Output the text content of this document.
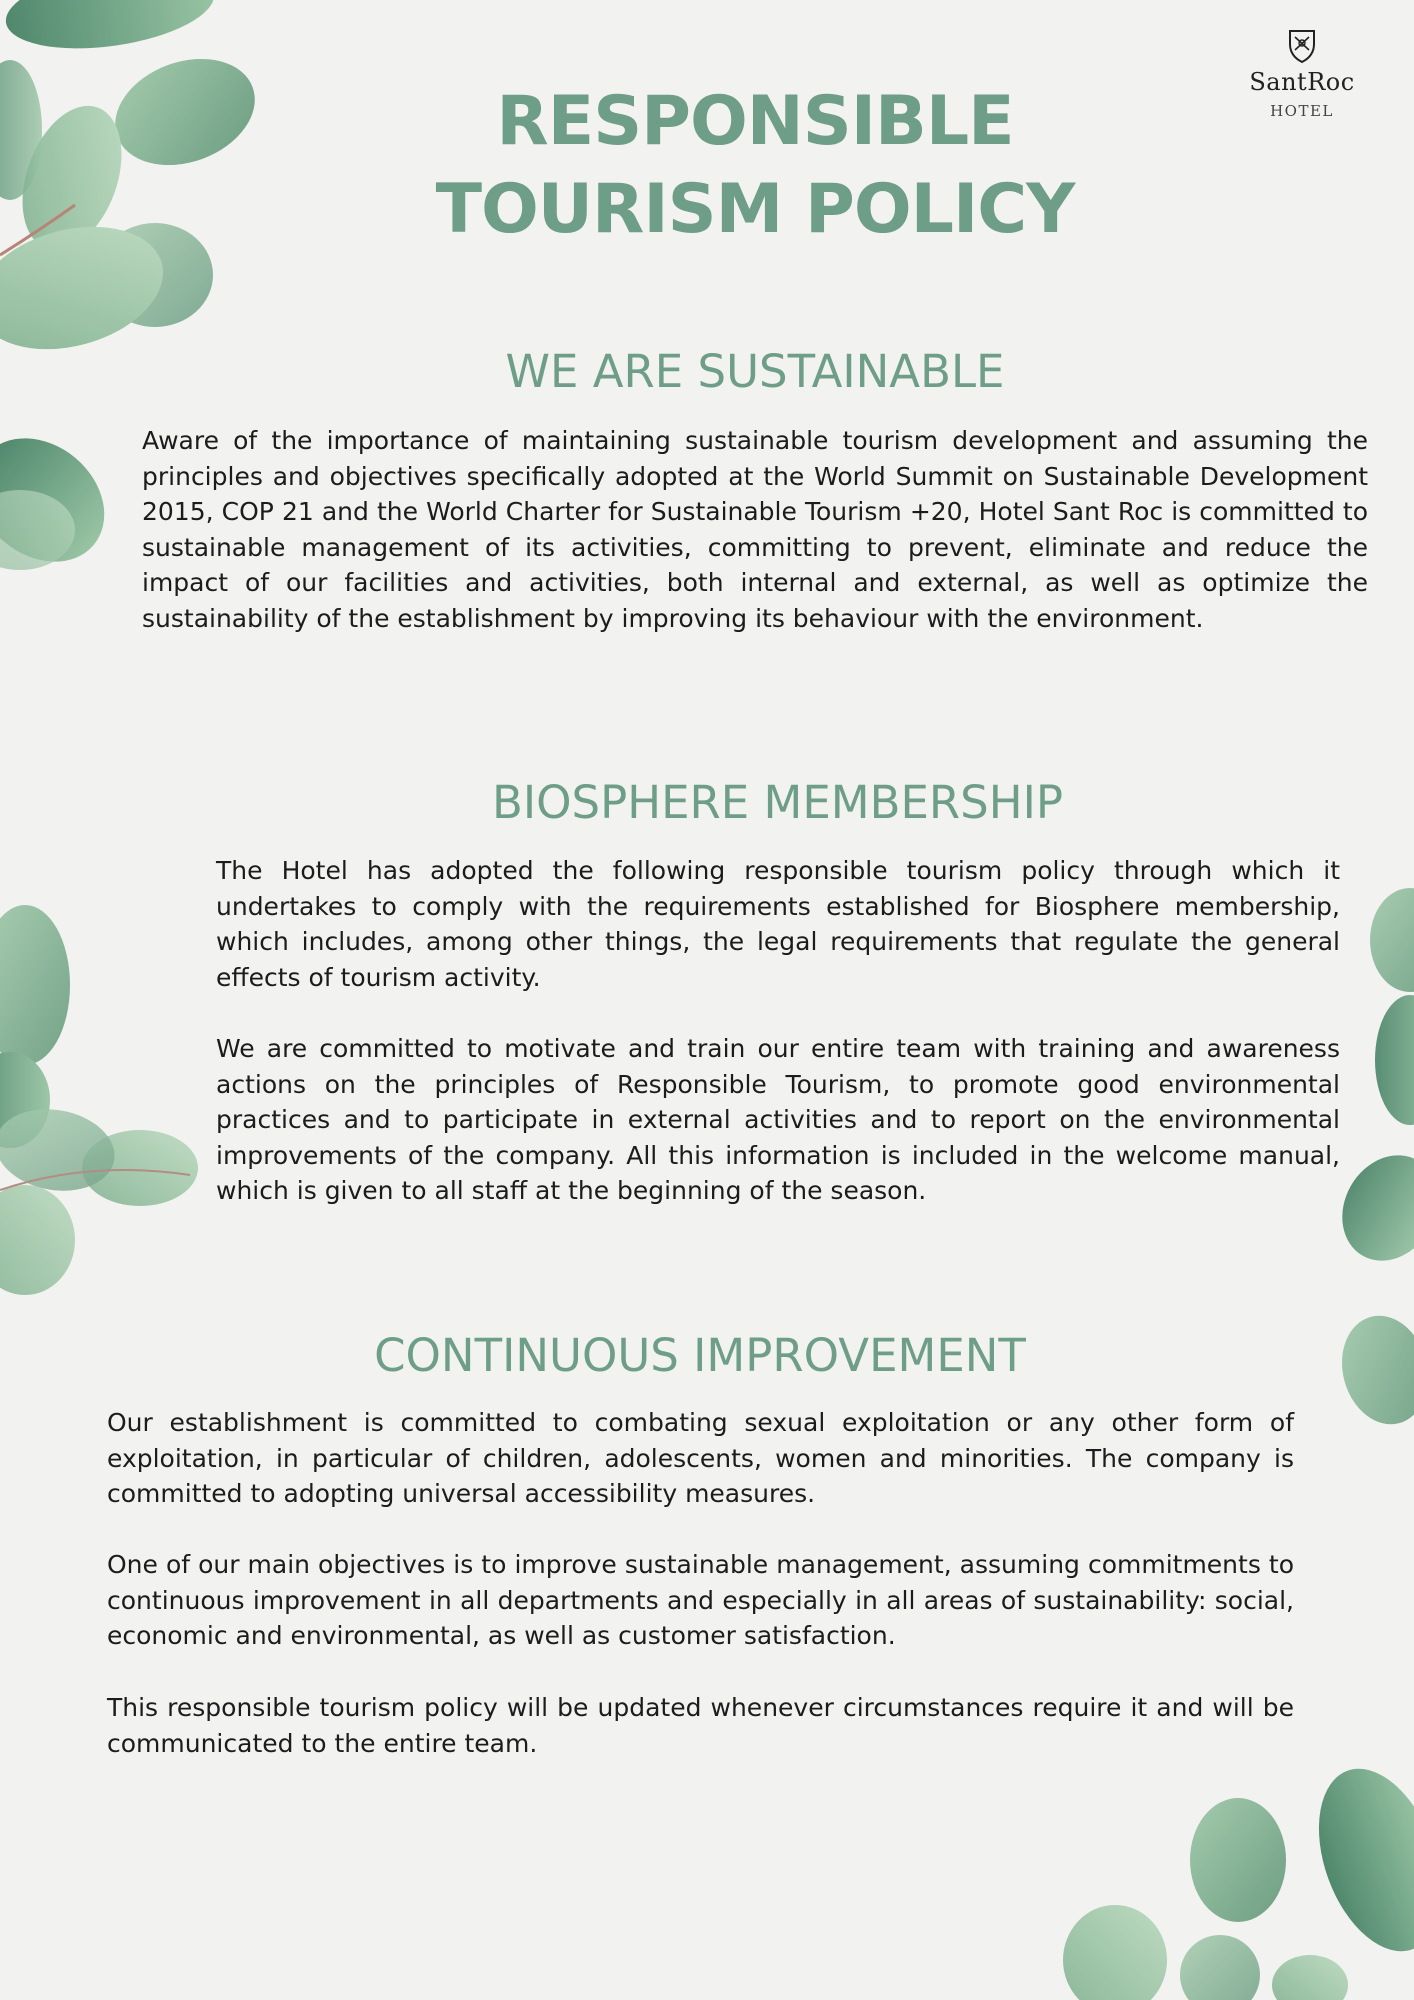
SantRoc
HOTEL
RESPONSIBLE
TOURISM POLICY
WE ARE SUSTAINABLE

Aware of the importance of maintaining sustainable tourism development and assuming the principles and objectives specifically adopted at the World Summit on Sustainable Development 2015, COP 21 and the World Charter for Sustainable Tourism +20, Hotel Sant Roc is committed to sustainable management of its activities, committing to prevent, eliminate and reduce the impact of our facilities and activities, both internal and external, as well as optimize the sustainability of the establishment by improving its behaviour with the environment.

BIOSPHERE MEMBERSHIP

The Hotel has adopted the following responsible tourism policy through which it undertakes to comply with the requirements established for Biosphere membership, which includes, among other things, the legal requirements that regulate the general effects of tourism activity.

We are committed to motivate and train our entire team with training and awareness actions on the principles of Responsible Tourism, to promote good environmental practices and to participate in external activities and to report on the environmental improvements of the company. All this information is included in the welcome manual, which is given to all staff at the beginning of the season.

CONTINUOUS IMPROVEMENT

Our establishment is committed to combating sexual exploitation or any other form of exploitation, in particular of children, adolescents, women and minorities. The company is committed to adopting universal accessibility measures.

One of our main objectives is to improve sustainable management, assuming commitments to continuous improvement in all departments and especially in all areas of sustainability: social, economic and environmental, as well as customer satisfaction.

This responsible tourism policy will be updated whenever circumstances require it and will be communicated to the entire team.
